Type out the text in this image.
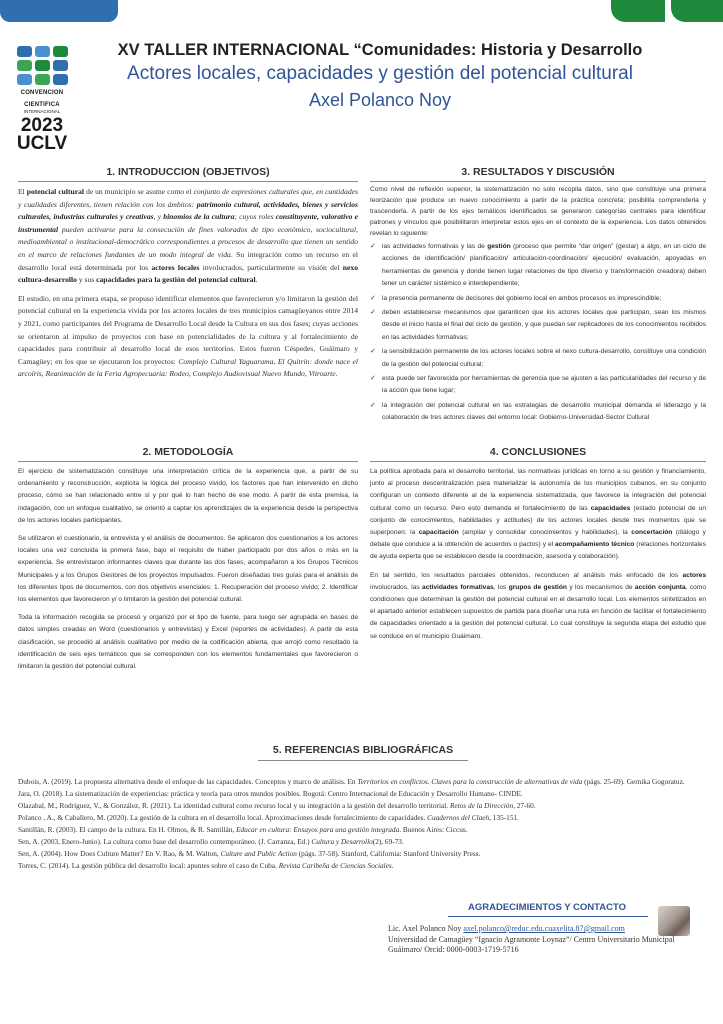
CONVENCION
CIENTIFICA
INTERNACIONAL
2023
UCLV
XV TALLER INTERNACIONAL “Comunidades: Historia y Desarrollo
Actores locales, capacidades y gestión del potencial cultural
Axel Polanco Noy
1. INTRODUCCION (OBJETIVOS)

El potencial cultural de un municipio se asume como el conjunto de expresiones culturales que, en cantidades y cualidades diferentes, tienen relación con los ámbitos: patrimonio cultural, actividades, bienes y servicios culturales, industrias culturales y creativas, y binomios de la cultura; cuyos roles constituyente, valorativo e instrumental pueden activarse para la consecución de fines valorados de tipo económico, sociocultural, medioambiental o institucional-democrático correspondientes a procesos de desarrollo que tienen un sentido en el marco de relaciones fundantes de un modo integral de vida. Su integración como un recurso en el desarrollo local está determinada por los actores locales involucrados, particularmente su visión del nexo cultura-desarrollo y sus capacidades para la gestión del potencial cultural.

El estudio, en una primera etapa, se propuso identificar elementos que favorecieron y/o limitaron la gestión del potencial cultural en la experiencia vivida por los actores locales de tres municipios camagüeyanos entre 2014 y 2021, como participantes del Programa de Desarrollo Local desde la Cultura en sus dos fases; cuyas acciones se orientaron al impulso de proyectos con base en potencialidades de la cultura y al fortalecimiento de capacidades para contribuir al desarrollo local de esos territorios. Estos fueron Céspedes, Guáimaro y Camagüey; en los que se ejecutaron los proyectos: Complejo Cultural Yaguarama, El Quitrín: donde nace el arcoíris, Reanimación de la Feria Agropecuaria: Rodeo, Complejo Audiovisual Nuevo Mundo, Vitroarte.

2. METODOLOGÍA

El ejercicio de sistematización constituye una interpretación crítica de la experiencia que, a partir de su ordenamiento y reconstrucción, explicita la lógica del proceso vivido, los factores que han intervenido en dicho proceso, cómo se han relacionado entre sí y por qué lo han hecho de ese modo. A partir de esta premisa, la indagación, con un enfoque cualitativo, se orientó a captar los aprendizajes de la experiencia desde la perspectiva de los actores locales participantes.

Se utilizaron el cuestionario, la entrevista y el análisis de documentos. Se aplicaron dos cuestionarios a los actores locales una vez concluida la primera fase, bajo el requisito de haber participado por dos años o más en la experiencia. Se entrevistaron informantes claves que durante las dos fases, acompañaron a los Grupos Técnicos Municipales y a los Grupos Gestores de los proyectos impulsados. Fueron diseñadas tres guías para el análisis de los diferentes tipos de documentos, con dos objetivos esenciales: 1. Recuperación del proceso vivido; 2. Identificar los elementos que favorecieron y/ o limitaron la gestión del potencial cultural.

Toda la información recogida se procesó y organizó por el tipo de fuente, para luego ser agrupada en bases de datos simples creadas en Word (cuestionarios y entrevistas) y Excel (reportes de actividades). A partir de esta clasificación, se procedió al análisis cualitativo por medio de la codificación abierta, que arrojó como resultado la identificación de seis ejes temáticos que se corresponden con los elementos fundamentales que favorecieron o limitaron la gestión del potencial cultural.

3. RESULTADOS Y DISCUSIÓN

Como nivel de reflexión superior, la sistematización no solo recopila datos, sino que constituye una primera teorización que produce un nuevo conocimiento a partir de la práctica concreta; posibilita comprenderla y trascenderla. A partir de los ejes temáticos identificados se generaron categorías centrales para identificar patrones y vínculos que posibilitaron interpretar estos ejes en el contexto de la experiencia. Los datos obtenidos revelan lo siguiente:

✓ las actividades formativas y las de gestión (proceso que permite “dar origen” (gestar) a algo, en un ciclo de acciones de identificación/ planificación/ articulación-coordinación/ ejecución/ evaluación, apoyadas en herramientas de gerencia y donde tienen lugar relaciones de tipo diverso y transformación creadora) deben tener un carácter sistémico e interdependiente;
✓ la presencia permanente de decisores del gobierno local en ambos procesos es imprescindible;
✓ deben establecerse mecanismos que garanticen que los actores locales que participan, sean los mismos desde el inicio hasta el final del ciclo de gestión, y que puedan ser replicadores de los conocimientos recibidos en las actividades formativas;
✓ la sensibilización permanente de los actores locales sobre el nexo cultura-desarrollo, constituye una condición de la gestión del potencial cultural;
✓ esta puede ser favorecida por herramientas de gerencia que se ajusten a las particularidades del recurso y de la acción que tiene lugar;
✓ la integración del potencial cultural en las estrategias de desarrollo municipal demanda el liderazgo y la colaboración de tres actores claves del entorno local: Gobierno-Universidad-Sector Cultural
4. CONCLUSIONES

La política aprobada para el desarrollo territorial, las normativas jurídicas en torno a su gestión y financiamiento, junto al proceso descentralización para materializar la autonomía de los municipios cubanos, en su conjunto configuran un contexto diferente al de la experiencia sistematizada, que favorece la integración del potencial cultural como un recurso. Pero esto demanda el fortalecimiento de las capacidades (estado potencial de un conjunto de conocimientos, habilidades y actitudes) de los actores locales desde tres momentos que se superponen: la capacitación (ampliar y consolidar conocimientos y habilidades), la concertación (diálogo y debate que conduce a la obtención de acuerdos o pactos) y el acompañamiento técnico (relaciones horizontales de ayuda experta que se establecen desde la coordinación, asesoría y colaboración).

En tal sentido, los resultados parciales obtenidos, reconducen al análisis más enfocado de los actores involucrados, las actividades formativas, los grupos de gestión y los mecanismos de acción conjunta, como condiciones que determinan la gestión del potencial cultural en el desarrollo local. Los elementos sintetizados en el apartado anterior establecen supuestos de partida para diseñar una ruta en función de facilitar el fortalecimiento de capacidades orientado a la gestión del potencial cultural. Lo cual constituye la segunda etapa del estudio que se conduce en el municipio Guáimaro.

5. REFERENCIAS BIBLIOGRÁFICAS
Dubois, A. (2019). La propuesta alternativa desde el enfoque de las capacidades. Conceptos y marco de análisis. En Territorios en conflictos. Claves para la construcción de alternativas de vida (págs. 25-69). Gernika Gogoratuz.
Jara, O. (2018). La sistematización de experiencias: práctica y teoría para otros mundos posibles. Bogotá: Centro Internacional de Educación y Desarrollo Humano- CINDE.
Olazabal, M., Rodríguez, V., & González, R. (2021). La identidad cultural como recurso local y su integración a la gestión del desarrollo territorial. Retos de la Dirección, 27-60.
Polanco , A., & Caballero, M. (2020). La gestión de la cultura en el desarrollo local. Aproximaciones desde fortalecimiento de capacidades. Cuadernos del Claeh, 135-151.
Santillán, R. (2003). El campo de la cultura. En H. Olmos, & R. Santillán, Educar en cultura: Ensayos para una gestión integrada. Buenos Aires: Ciccus.
Sen, A. (2003, Enero-Junio). La cultura como base del desarrollo contemporáneo. (J. Carranza, Ed.) Cultura y Desarrollo(2), 69-73.
Sen, A. (2004). How Does Culture Matter? En V. Rao, & M. Walton, Culture and Public Action (págs. 37-58). Stanford, California: Stanford University Press.
Torres, C. (2014). La gestión pública del desarrollo local: apuntes sobre el caso de Cuba. Revista Caribeña de Ciencias Sociales.
AGRADECIMIENTOS Y CONTACTO
Lic. Axel Polanco Noy axel.polanco@reduc.edu.cuaxelita.87@gmail.com
Universidad de Camagüey “Ignacio Agramonte Loynaz”/ Centro Universitario Municipal Guáimaro/ Orcid: 0000-0003-1719-5716
